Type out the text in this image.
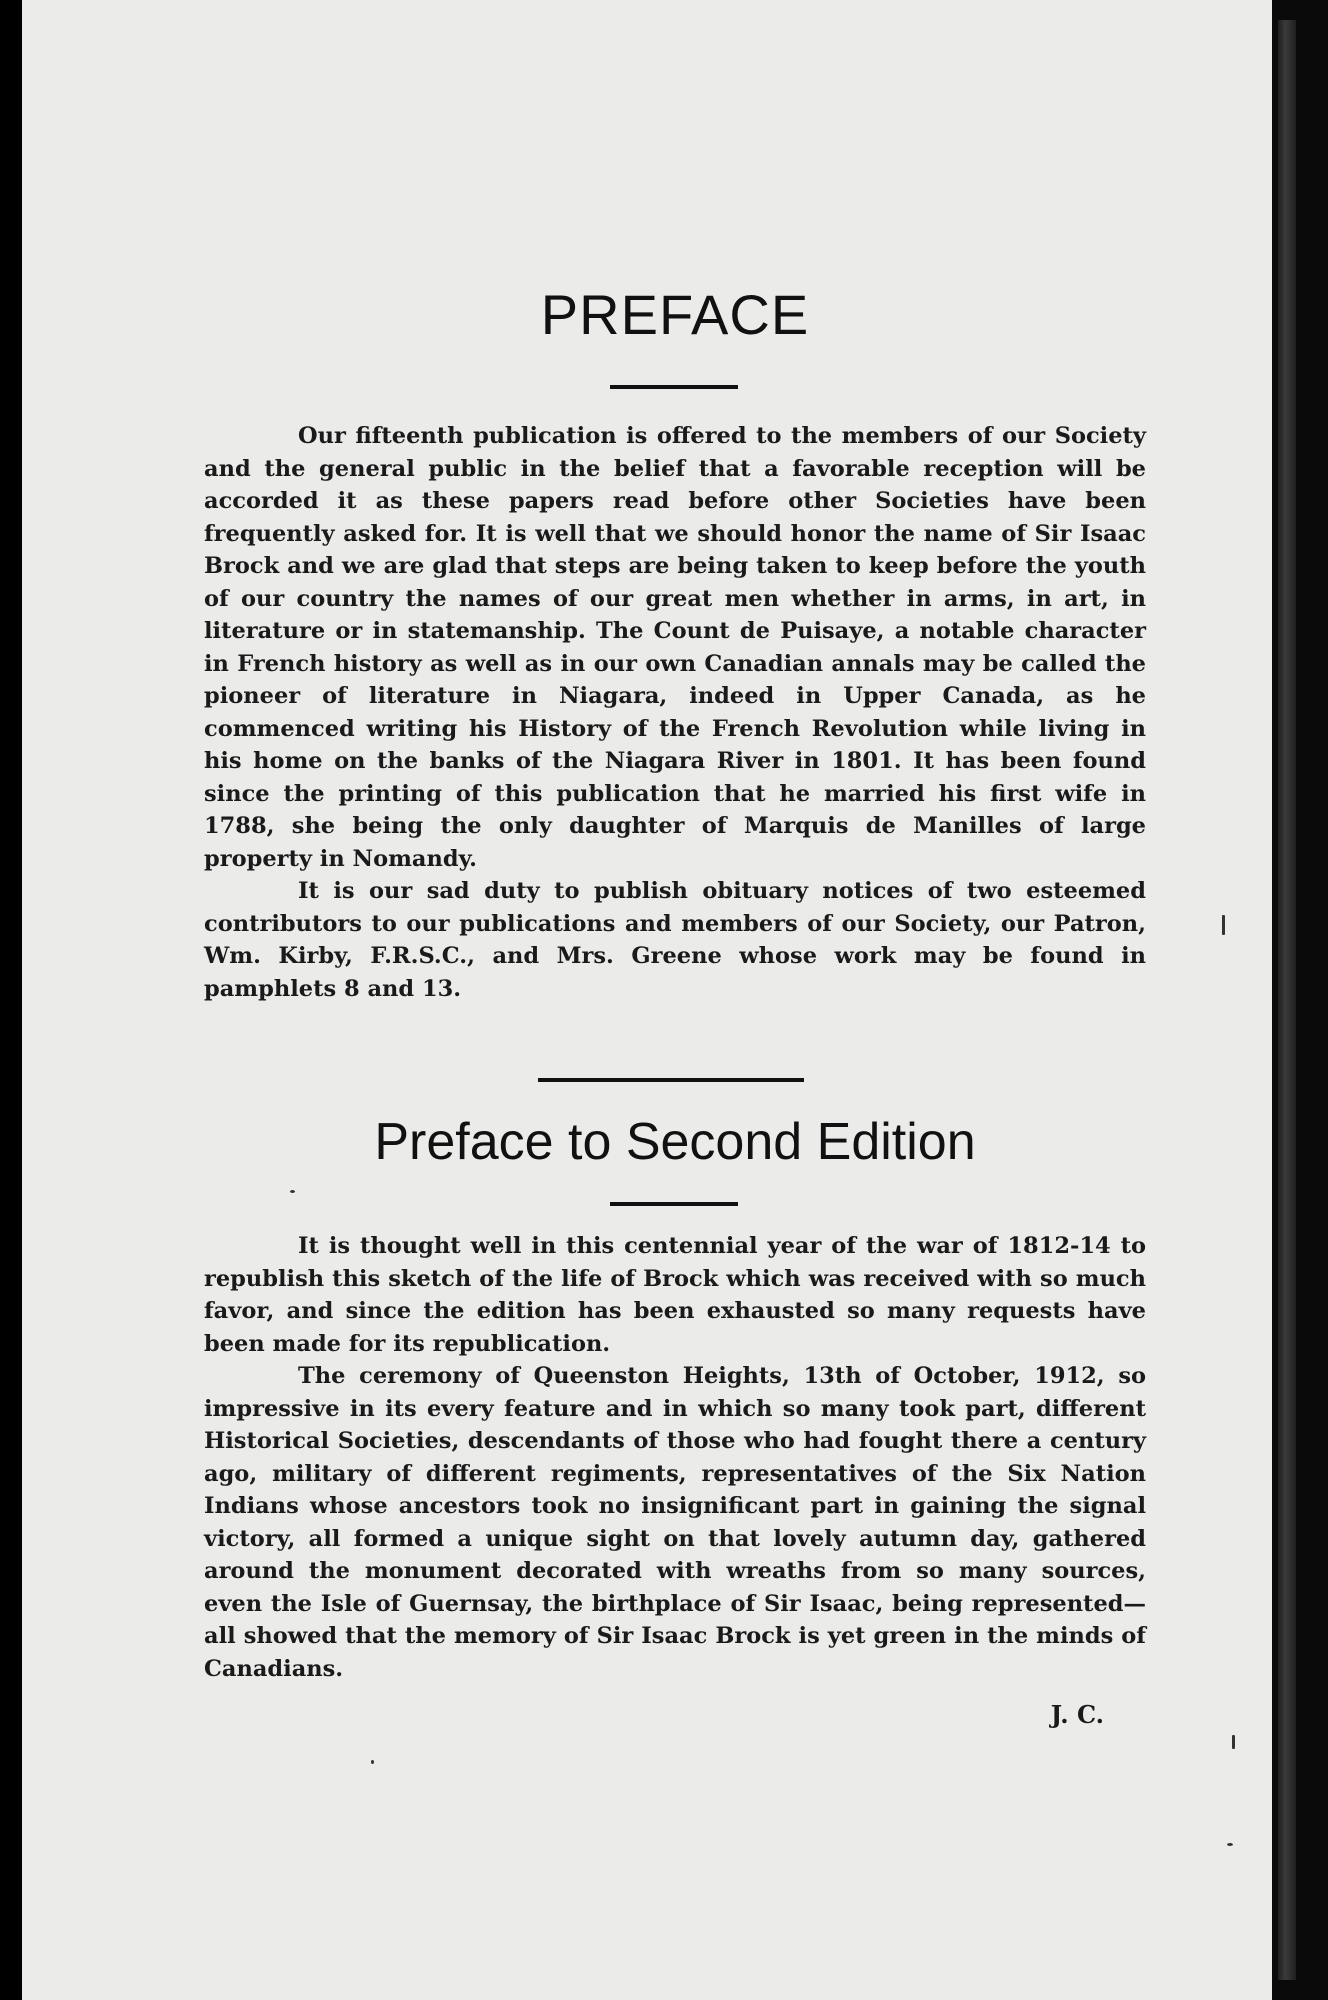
PREFACE

Our fifteenth publication is offered to the members of our Society and the general public in the belief that a favorable reception will be accorded it as these papers read before other Societies have been frequently asked for. It is well that we should honor the name of Sir Isaac Brock and we are glad that steps are being taken to keep before the youth of our country the names of our great men whether in arms, in art, in literature or in statemanship. The Count de Puisaye, a notable character in French history as well as in our own Canadian annals may be called the pioneer of literature in Niagara, indeed in Upper Canada, as he commenced writing his History of the French Revolution while living in his home on the banks of the Niagara River in 1801. It has been found since the printing of this publication that he married his first wife in 1788, she being the only daughter of Marquis de Manilles of large property in Nomandy.

It is our sad duty to publish obituary notices of two esteemed contributors to our publications and members of our Society, our Patron, Wm. Kirby, F.R.S.C., and Mrs. Greene whose work may be found in pamphlets 8 and 13.

Preface to Second Edition

It is thought well in this centennial year of the war of 1812-14 to republish this sketch of the life of Brock which was received with so much favor, and since the edition has been exhausted so many requests have been made for its republication.

The ceremony of Queenston Heights, 13th of October, 1912, so impressive in its every feature and in which so many took part, different Historical Societies, descendants of those who had fought there a century ago, military of different regiments, representatives of the Six Nation Indians whose ancestors took no insignificant part in gaining the signal victory, all formed a unique sight on that lovely autumn day, gathered around the monument decorated with wreaths from so many sources, even the Isle of Guernsay, the birthplace of Sir Isaac, being represented—all showed that the memory of Sir Isaac Brock is yet green in the minds of Canadians.

J. C.
